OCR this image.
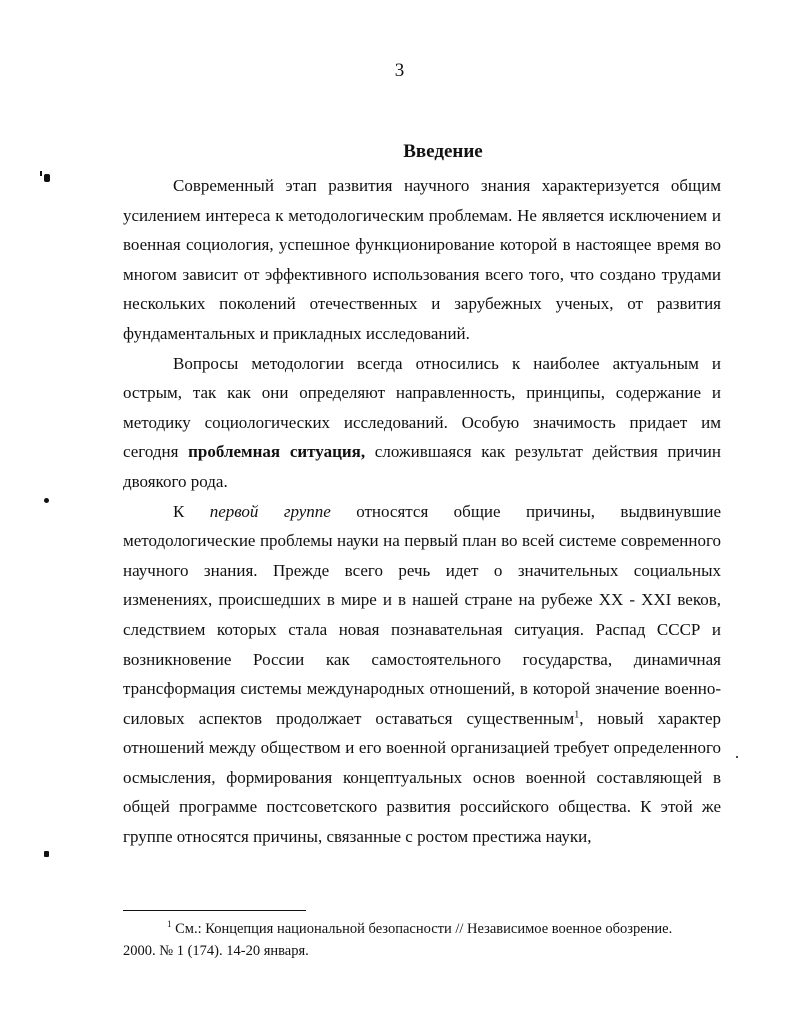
3
Введение

Современный этап развития научного знания характеризуется общим усилением интереса к методологическим проблемам. Не является исключением и военная социология, успешное функционирование которой в настоящее время во многом зависит от эффективного использования всего того, что создано трудами нескольких поколений отечественных и зарубежных ученых, от развития фундаментальных и прикладных исследований.

Вопросы методологии всегда относились к наиболее актуальным и острым, так как они определяют направленность, принципы, содержание и методику социологических исследований. Особую значимость придает им сегодня проблемная ситуация, сложившаяся как результат действия причин двоякого рода.

К первой группе относятся общие причины, выдвинувшие методологические проблемы науки на первый план во всей системе современного научного знания. Прежде всего речь идет о значительных социальных изменениях, происшедших в мире и в нашей стране на рубеже XX - XXI веков, следствием которых стала новая познавательная ситуация. Распад СССР и возникновение России как самостоятельного государства, динамичная трансформация системы международных отношений, в которой значение военно-силовых аспектов продолжает оставаться существенным$^1$, новый характер отношений между обществом и его военной организацией требует определенного осмысления, формирования концептуальных основ военной составляющей в общей программе постсоветского развития российского общества. К этой же группе относятся причины, связанные с ростом престижа науки,

$^1$ См.: Концепция национальной безопасности // Независимое военное обозрение.
2000. № 1 (174). 14-20 января.
